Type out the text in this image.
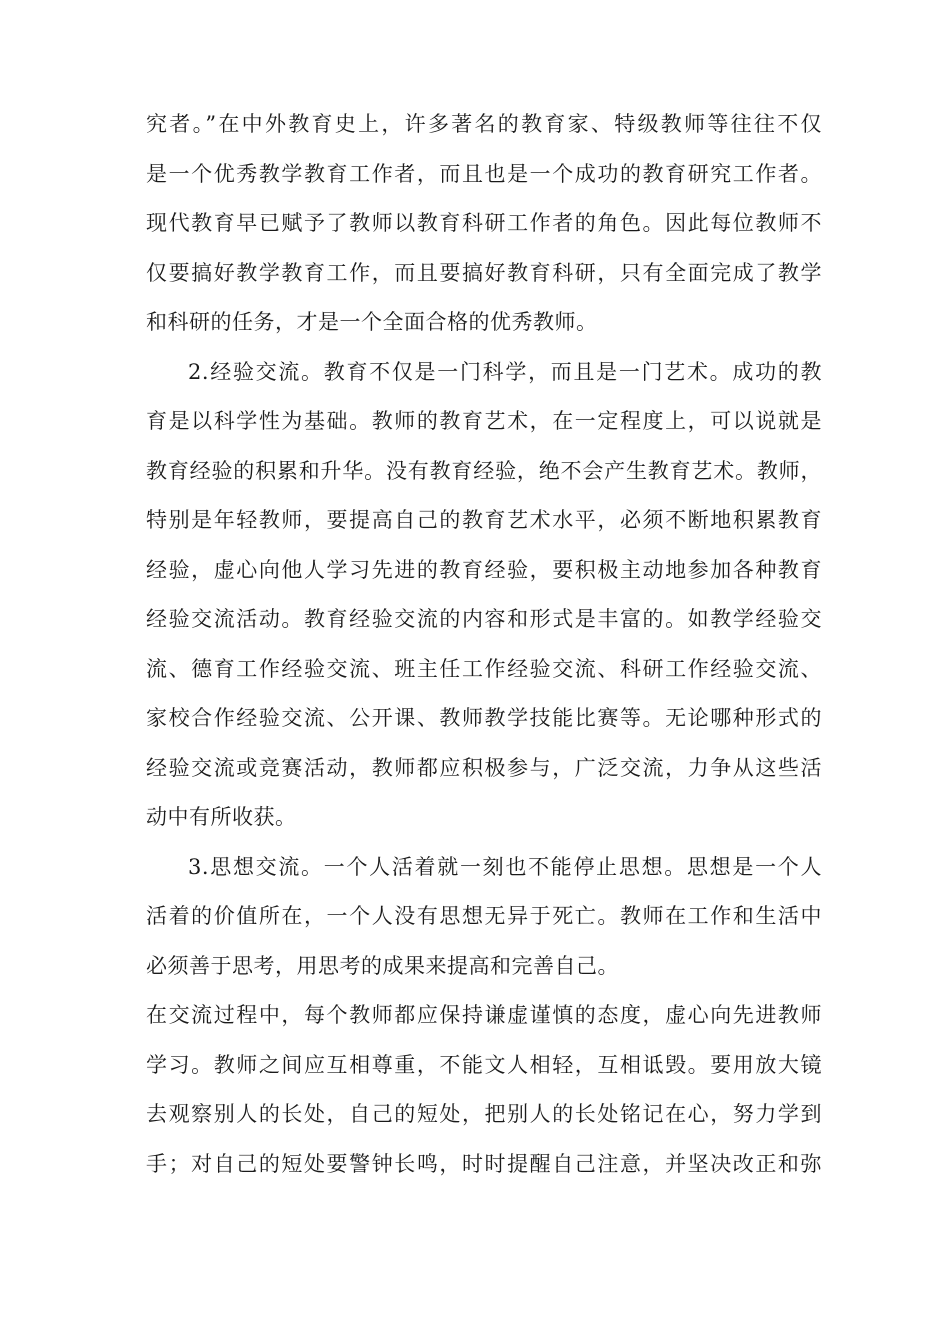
究者。”在中外教育史上，许多著名的教育家、特级教师等往往不仅
是一个优秀教学教育工作者，而且也是一个成功的教育研究工作者。
现代教育早已赋予了教师以教育科研工作者的角色。因此每位教师不
仅要搞好教学教育工作，而且要搞好教育科研，只有全面完成了教学
和科研的任务，才是一个全面合格的优秀教师。
2.经验交流。教育不仅是一门科学，而且是一门艺术。成功的教
育是以科学性为基础。教师的教育艺术，在一定程度上，可以说就是
教育经验的积累和升华。没有教育经验，绝不会产生教育艺术。教师，
特别是年轻教师，要提高自己的教育艺术水平，必须不断地积累教育
经验，虚心向他人学习先进的教育经验，要积极主动地参加各种教育
经验交流活动。教育经验交流的内容和形式是丰富的。如教学经验交
流、德育工作经验交流、班主任工作经验交流、科研工作经验交流、
家校合作经验交流、公开课、教师教学技能比赛等。无论哪种形式的
经验交流或竞赛活动，教师都应积极参与，广泛交流，力争从这些活
动中有所收获。
3.思想交流。一个人活着就一刻也不能停止思想。思想是一个人
活着的价值所在，一个人没有思想无异于死亡。教师在工作和生活中
必须善于思考，用思考的成果来提高和完善自己。
在交流过程中，每个教师都应保持谦虚谨慎的态度，虚心向先进教师
学习。教师之间应互相尊重，不能文人相轻，互相诋毁。要用放大镜
去观察别人的长处，自己的短处，把别人的长处铭记在心，努力学到
手；对自己的短处要警钟长鸣，时时提醒自己注意，并坚决改正和弥
